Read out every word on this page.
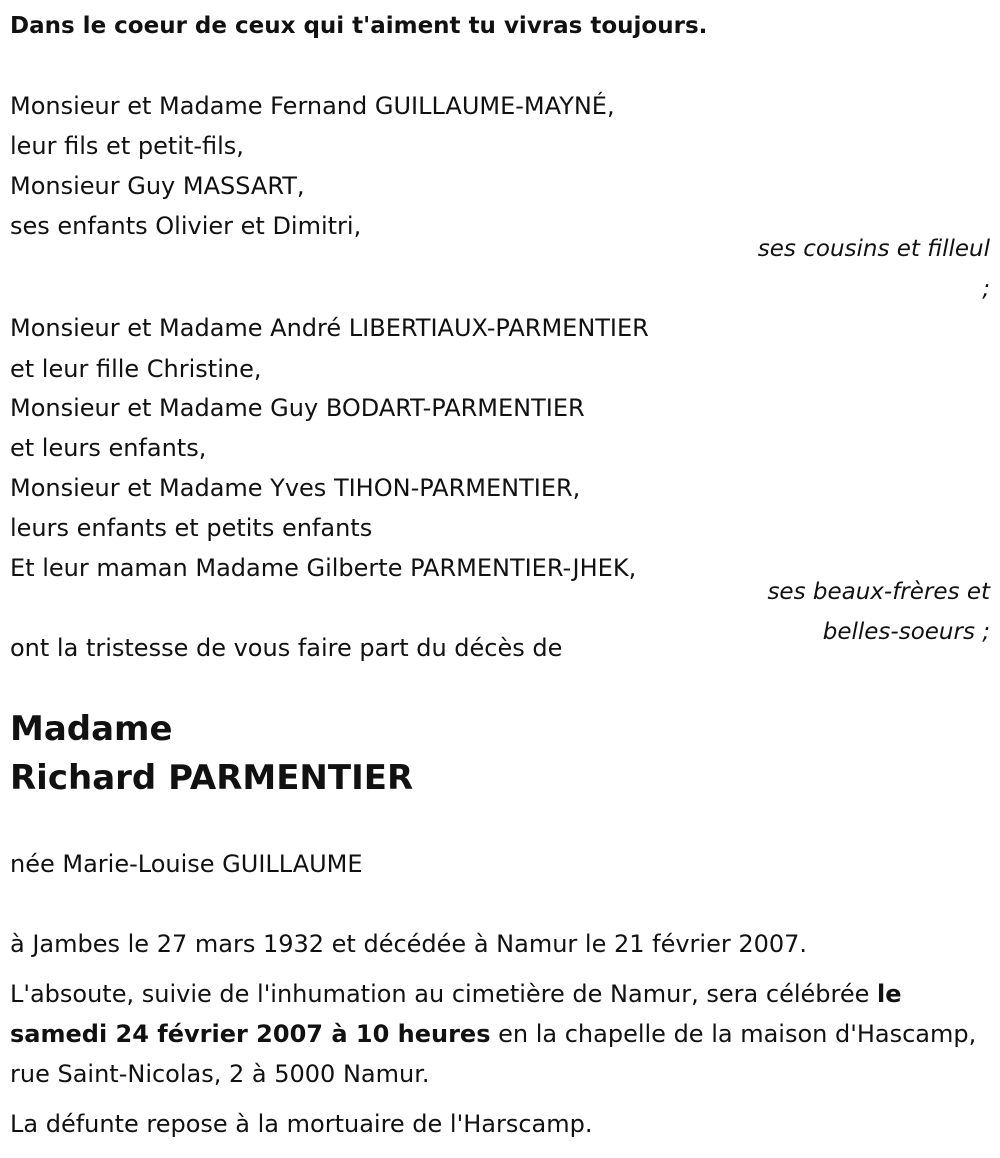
Dans le coeur de ceux qui t'aiment tu vivras toujours.

Monsieur et Madame Fernand GUILLAUME-MAYNÉ,

leur fils et petit-fils,

Monsieur Guy MASSART,

ses enfants Olivier et Dimitri,

ses cousins et filleul

;

Monsieur et Madame André LIBERTIAUX-PARMENTIER

et leur fille Christine,

Monsieur et Madame Guy BODART-PARMENTIER

et leurs enfants,

Monsieur et Madame Yves TIHON-PARMENTIER,

leurs enfants et petits enfants

Et leur maman Madame Gilberte PARMENTIER-JHEK,

ses beaux-frères et

belles-soeurs ;

ont la tristesse de vous faire part du décès de

Madame

Richard PARMENTIER

née Marie-Louise GUILLAUME

à Jambes le 27 mars 1932 et décédée à Namur le 21 février 2007.

L'absoute, suivie de l'inhumation au cimetière de Namur, sera célébrée le samedi 24 février 2007 à 10 heures en la chapelle de la maison d'Hascamp, rue Saint-Nicolas, 2 à 5000 Namur.

La défunte repose à la mortuaire de l'Harscamp.
